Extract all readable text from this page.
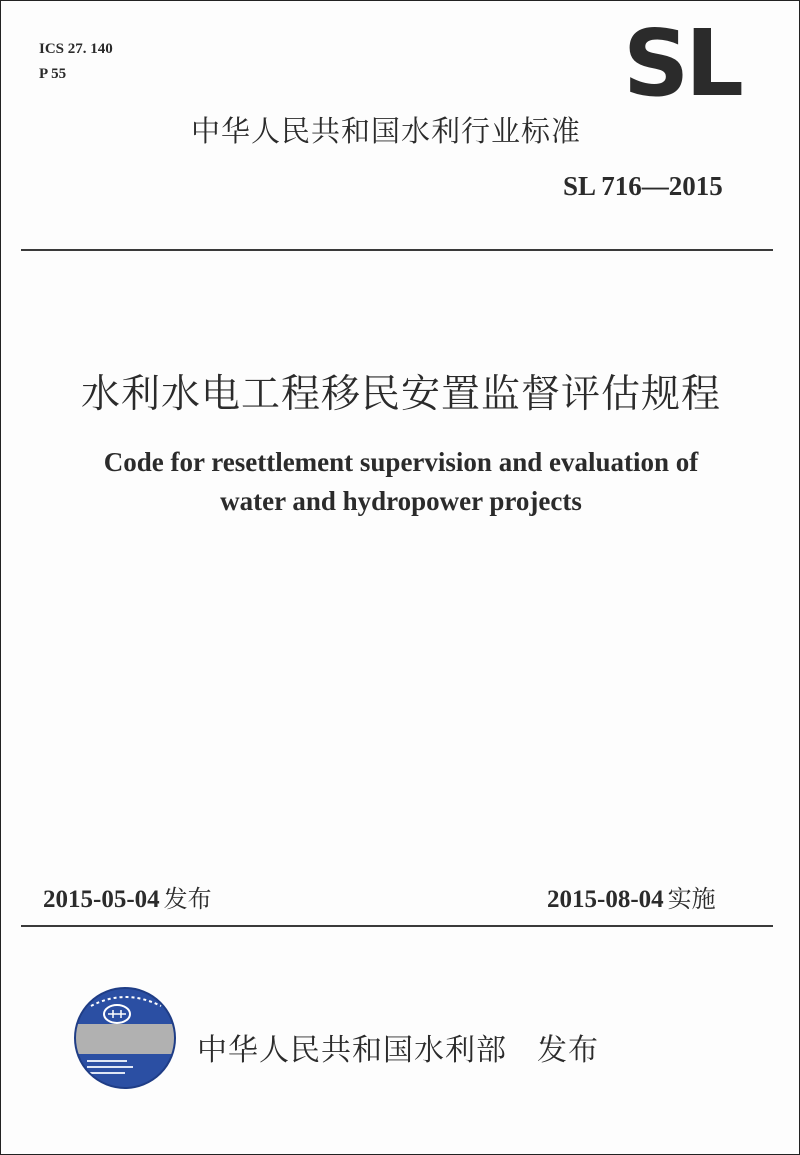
ICS 27. 140
P 55	SL
中华人民共和国水利行业标准
SL 716—2015
水利水电工程移民安置监督评估规程
Code for resettlement supervision and evaluation of
water and hydropower projects
2015-05-04 发布	2015-08-04 实施
中华人民共和国水利部 发布
